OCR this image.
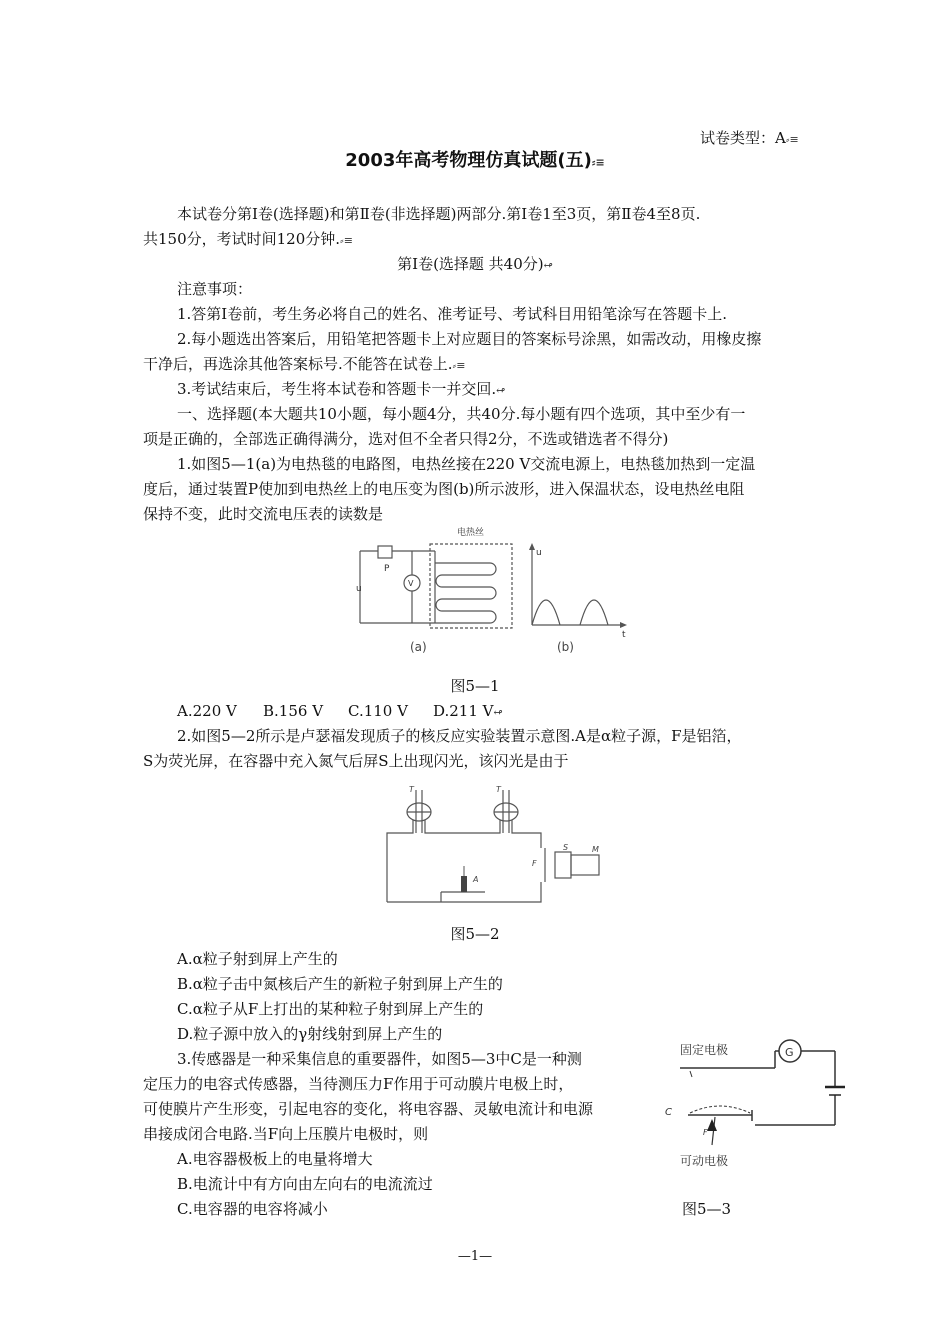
试卷类型：A⸗≡
2003年高考物理仿真试题(五)⸗≡
本试卷分第Ⅰ卷(选择题)和第Ⅱ卷(非选择题)两部分.第Ⅰ卷1至3页，第Ⅱ卷4至8页.
共150分，考试时间120分钟.⸗≡
第Ⅰ卷(选择题 共40分)↫
注意事项：
1.答第Ⅰ卷前，考生务必将自己的姓名、准考证号、考试科目用铅笔涂写在答题卡上.
2.每小题选出答案后，用铅笔把答题卡上对应题目的答案标号涂黑，如需改动，用橡皮擦
干净后，再选涂其他答案标号.不能答在试卷上.⸗≡
3.考试结束后，考生将本试卷和答题卡一并交回.↫
一、选择题(本大题共10小题，每小题4分，共40分.每小题有四个选项，其中至少有一
项是正确的，全部选正确得满分，选对但不全者只得2分，不选或错选者不得分)
1.如图5—1(a)为电热毯的电路图，电热丝接在220 V交流电源上，电热毯加热到一定温
度后，通过装置P使加到电热丝上的电压变为图(b)所示波形，进入保温状态，设电热丝电阻
保持不变，此时交流电压表的读数是
u
P
V
u
t
电热丝
(a)	(b)
图5—1
A.220 V B.156 V C.110 V D.211 V↫
2.如图5—2所示是卢瑟福发现质子的核反应实验装置示意图.A是α粒子源，F是铝箔，
S为荧光屏，在容器中充入氮气后屏S上出现闪光，该闪光是由于
T	T
F
S	M
A
图5—2
A.α粒子射到屏上产生的
B.α粒子击中氮核后产生的新粒子射到屏上产生的
C.α粒子从F上打出的某种粒子射到屏上产生的
D.粒子源中放入的γ射线射到屏上产生的
3.传感器是一种采集信息的重要器件，如图5—3中C是一种测
定压力的电容式传感器，当待测压力F作用于可动膜片电极上时，
可使膜片产生形变，引起电容的变化，将电容器、灵敏电流计和电源
串接成闭合电路.当F向上压膜片电极时，则
A.电容器极板上的电量将增大
B.电流计中有方向由左向右的电流流过
C.电容器的电容将减小
G
固定电极
可动电极
C
F
图5—3
—1—
